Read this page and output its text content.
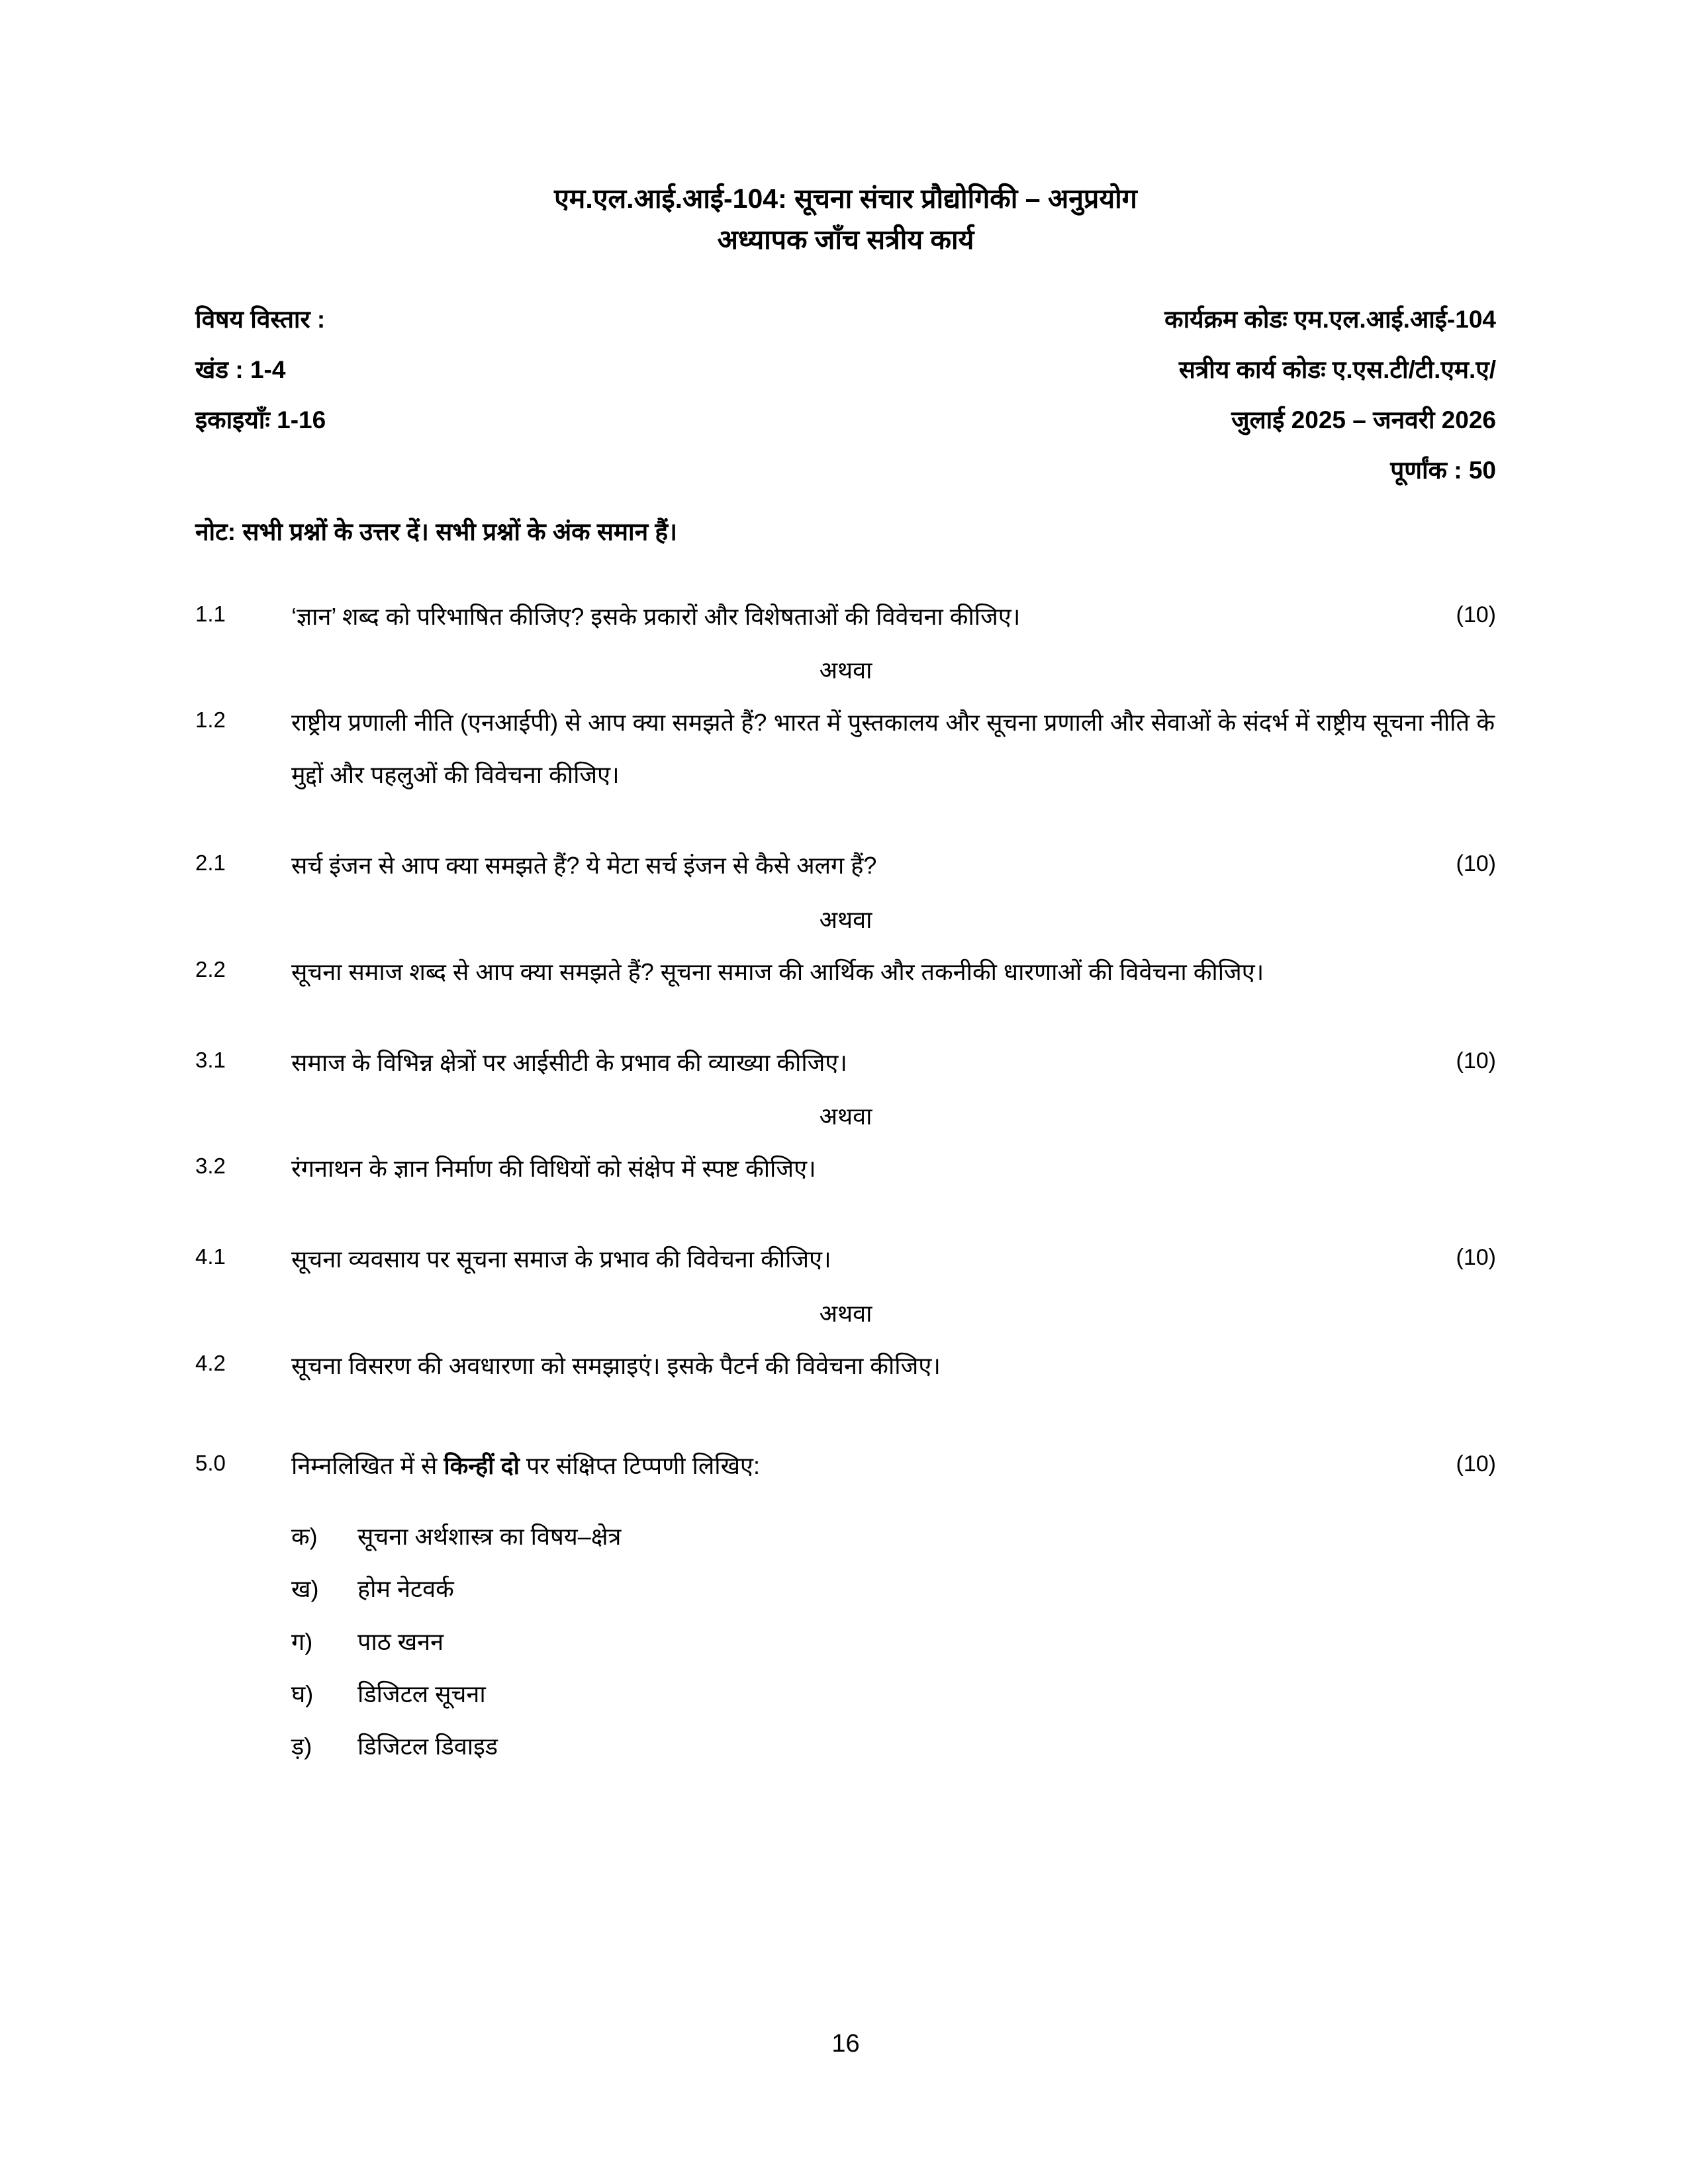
एम.एल.आई.आई-104: सूचना संचार प्रौद्योगिकी – अनुप्रयोग
अध्यापक जाँच सत्रीय कार्य
विषय विस्तार :
खंड : 1-4
इकाइयाँः 1-16
कार्यक्रम कोडः एम.एल.आई.आई-104
सत्रीय कार्य कोडः ए.एस.टी/टी.एम.ए/
जुलाई 2025 – जनवरी 2026
पूर्णांक : 50
नोट: सभी प्रश्नों के उत्तर दें। सभी प्रश्नों के अंक समान हैं।
1.1	‘ज्ञान’ शब्द को परिभाषित कीजिए? इसके प्रकारों और विशेषताओं की विवेचना कीजिए।	(10)
अथवा
1.2	राष्ट्रीय प्रणाली नीति (एनआईपी) से आप क्या समझते हैं? भारत में पुस्तकालय और सूचना प्रणाली और सेवाओं के संदर्भ में राष्ट्रीय सूचना नीति के मुद्दों और पहलुओं की विवेचना कीजिए।
2.1	सर्च इंजन से आप क्या समझते हैं? ये मेटा सर्च इंजन से कैसे अलग हैं?	(10)
अथवा
2.2	सूचना समाज शब्द से आप क्या समझते हैं? सूचना समाज की आर्थिक और तकनीकी धारणाओं की विवेचना कीजिए।
3.1	समाज के विभिन्न क्षेत्रों पर आईसीटी के प्रभाव की व्याख्या कीजिए।	(10)
अथवा
3.2	रंगनाथन के ज्ञान निर्माण की विधियों को संक्षेप में स्पष्ट कीजिए।
4.1	सूचना व्यवसाय पर सूचना समाज के प्रभाव की विवेचना कीजिए।	(10)
अथवा
4.2	सूचना विसरण की अवधारणा को समझाइएं। इसके पैटर्न की विवेचना कीजिए।
5.0	निम्नलिखित में से किन्हीं दो पर संक्षिप्त टिप्पणी लिखिए:	(10)
क)	सूचना अर्थशास्त्र का विषय–क्षेत्र
ख)	होम नेटवर्क
ग)	पाठ खनन
घ)	डिजिटल सूचना
ड़)	डिजिटल डिवाइड
16
